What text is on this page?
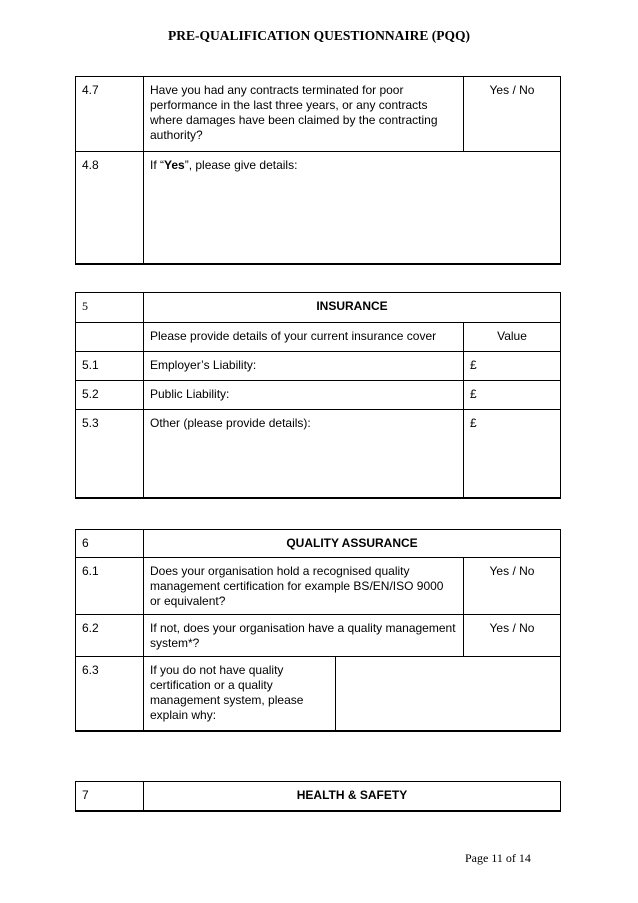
PRE-QUALIFICATION QUESTIONNAIRE (PQQ)
4.7	Have you had any contracts terminated for poor performance in the last three years, or any contracts where damages have been claimed by the contracting authority?	Yes / No
4.8	If “Yes”, please give details:	
5	INSURANCE	
	Please provide details of your current insurance cover	Value
5.1	Employer’s Liability:	£
5.2	Public Liability:	£
5.3	Other (please provide details):	£
6	QUALITY ASSURANCE		
6.1	Does your organisation hold a recognised quality management certification for example BS/EN/ISO 9000 or equivalent?		Yes / No
6.2	If not, does your organisation have a quality management system*?		Yes / No
6.3	If you do not have quality certification or a quality management system, please explain why:		
7	HEALTH & SAFETY
Page 11 of 14
